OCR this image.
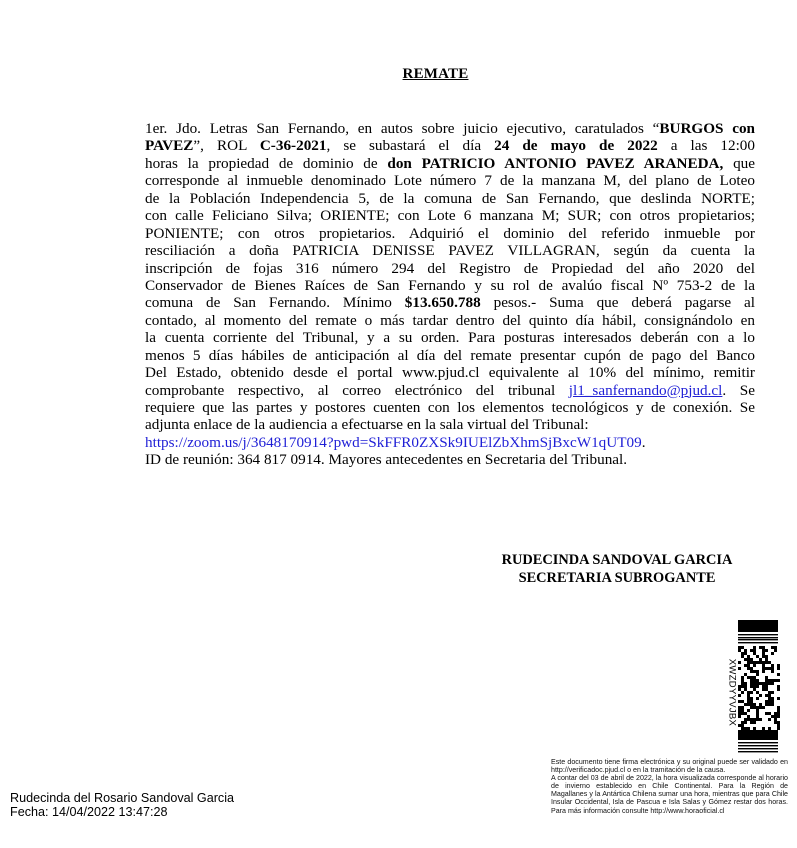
REMATE
1er. Jdo. Letras San Fernando, en autos sobre juicio ejecutivo, caratulados “BURGOS con
PAVEZ”, ROL C-36-2021, se subastará el día 24 de mayo de 2022 a las 12:00
horas la propiedad de dominio de don PATRICIO ANTONIO PAVEZ ARANEDA, que
corresponde al inmueble denominado Lote número 7 de la manzana M, del plano de Loteo
de la Población Independencia 5, de la comuna de San Fernando, que deslinda NORTE;
con calle Feliciano Silva; ORIENTE; con Lote 6 manzana M; SUR; con otros propietarios;
PONIENTE; con otros propietarios. Adquirió el dominio del referido inmueble por
resciliación a doña PATRICIA DENISSE PAVEZ VILLAGRAN, según da cuenta la
inscripción de fojas 316 número 294 del Registro de Propiedad del año 2020 del
Conservador de Bienes Raíces de San Fernando y su rol de avalúo fiscal Nº 753-2 de la
comuna de San Fernando. Mínimo $13.650.788 pesos.- Suma que deberá pagarse al
contado, al momento del remate o más tardar dentro del quinto día hábil, consignándolo en
la cuenta corriente del Tribunal, y a su orden. Para posturas interesados deberán con a lo
menos 5 días hábiles de anticipación al día del remate presentar cupón de pago del Banco
Del Estado, obtenido desde el portal www.pjud.cl equivalente al 10% del mínimo, remitir
comprobante respectivo, al correo electrónico del tribunal jl1_sanfernando@pjud.cl. Se
requiere que las partes y postores cuenten con los elementos tecnológicos y de conexión. Se
adjunta enlace de la audiencia a efectuarse en la sala virtual del Tribunal:
https://zoom.us/j/3648170914?pwd=SkFFR0ZXSk9IUElZbXhmSjBxcW1qUT09.
ID de reunión: 364 817 0914. Mayores antecedentes en Secretaria del Tribunal.
RUDECINDA SANDOVAL GARCIA
SECRETARIA SUBROGANTE
XWZDYYVJBX

Este documento tiene firma electrónica y su original puede ser validado en http://verificadoc.pjud.cl o en la tramitación de la causa.

A contar del 03 de abril de 2022, la hora visualizada corresponde al horario de invierno establecido en Chile Continental. Para la Región de Magallanes y la Antártica Chilena sumar una hora, mientras que para Chile Insular Occidental, Isla de Pascua e Isla Salas y Gómez restar dos horas. Para más información consulte http://www.horaoficial.cl

Rudecinda del Rosario Sandoval Garcia
Fecha: 14/04/2022 13:47:28
